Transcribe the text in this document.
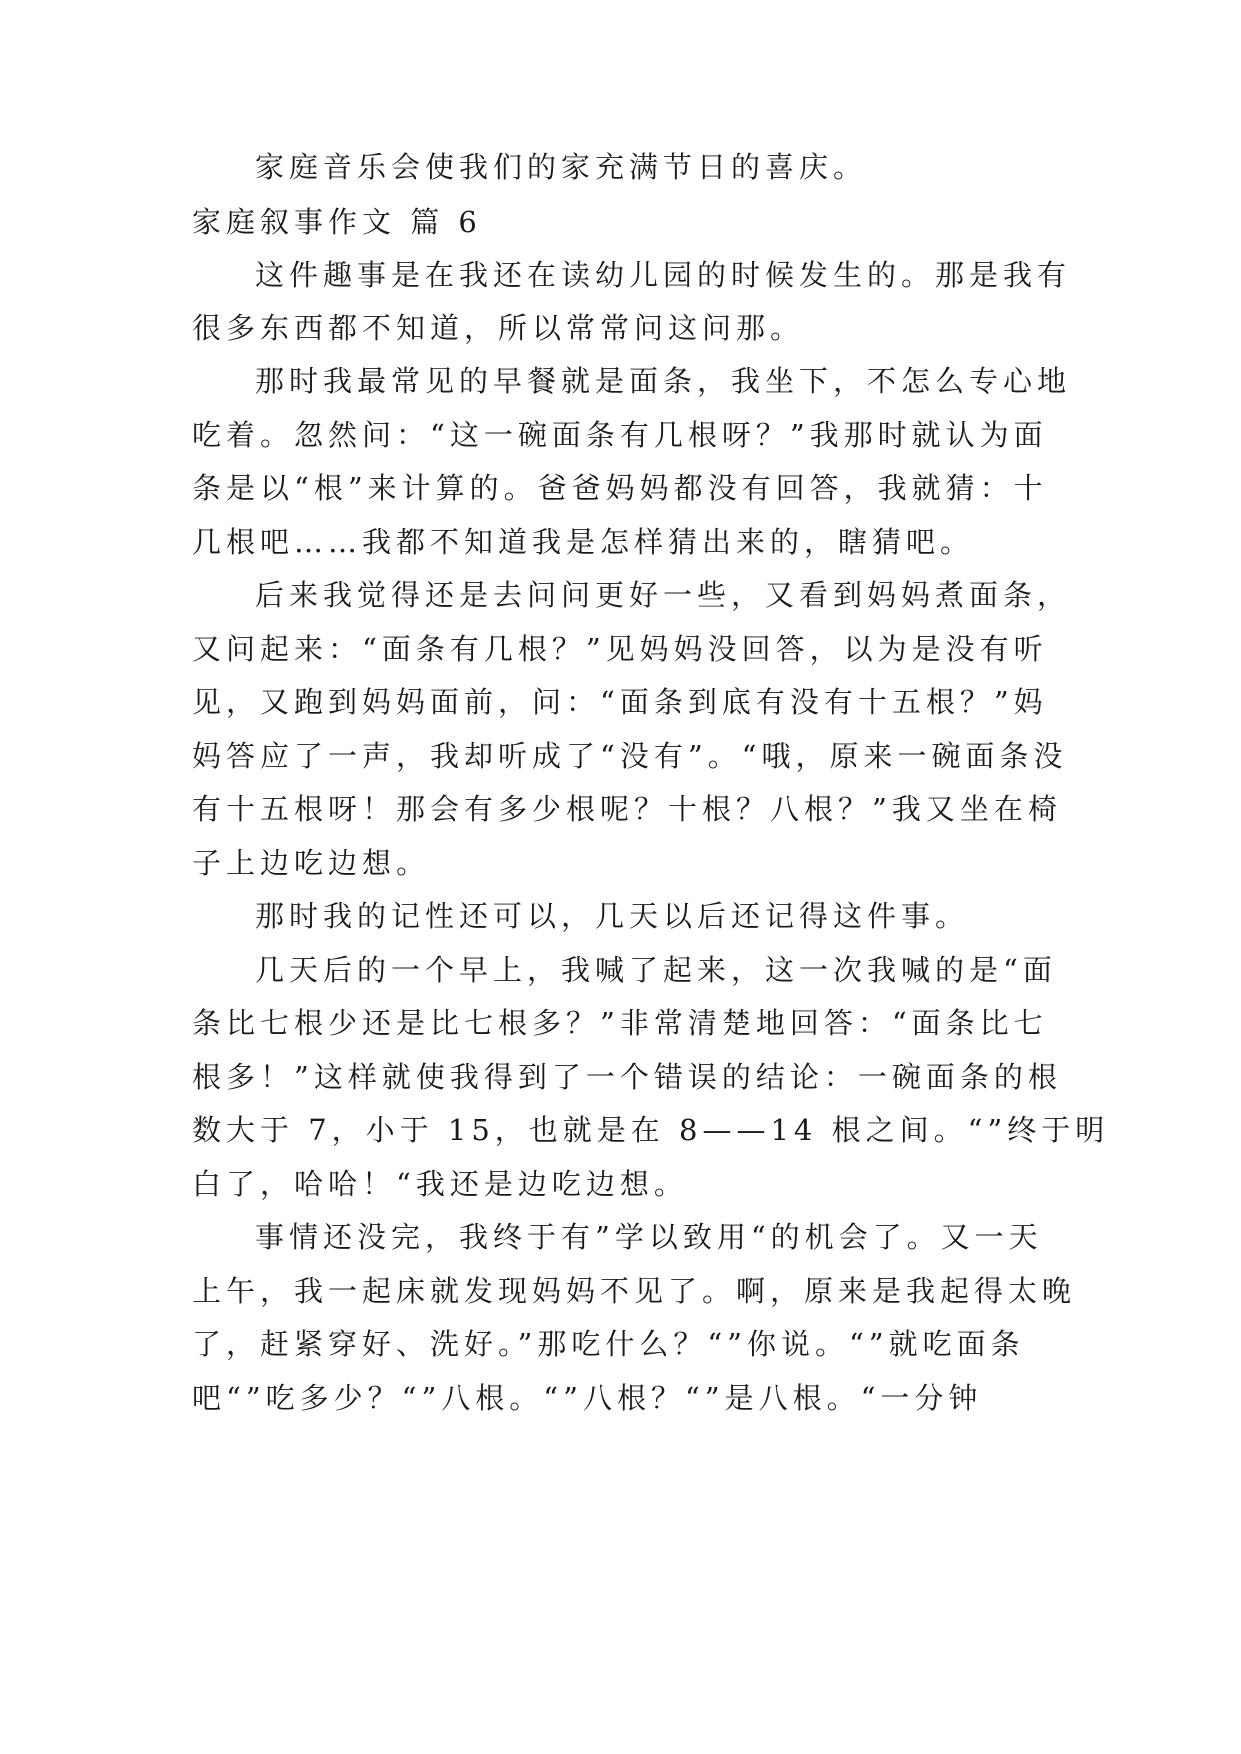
家庭音乐会使我们的家充满节日的喜庆。
家庭叙事作文 篇 6
这件趣事是在我还在读幼儿园的时候发生的。那是我有
很多东西都不知道，所以常常问这问那。
那时我最常见的早餐就是面条，我坐下，不怎么专心地
吃着。忽然问：“这一碗面条有几根呀？”我那时就认为面
条是以“根”来计算的。爸爸妈妈都没有回答，我就猜：十
几根吧……我都不知道我是怎样猜出来的，瞎猜吧。
后来我觉得还是去问问更好一些，又看到妈妈煮面条，
又问起来：“面条有几根？”见妈妈没回答，以为是没有听
见，又跑到妈妈面前，问：“面条到底有没有十五根？”妈
妈答应了一声，我却听成了“没有”。“哦，原来一碗面条没
有十五根呀！那会有多少根呢？十根？八根？”我又坐在椅
子上边吃边想。
那时我的记性还可以，几天以后还记得这件事。
几天后的一个早上，我喊了起来，这一次我喊的是“面
条比七根少还是比七根多？”非常清楚地回答：“面条比七
根多！”这样就使我得到了一个错误的结论：一碗面条的根
数大于 7，小于 15，也就是在 8——14 根之间。“”终于明
白了，哈哈！“我还是边吃边想。
事情还没完，我终于有”学以致用“的机会了。又一天
上午，我一起床就发现妈妈不见了。啊，原来是我起得太晚
了，赶紧穿好、洗好。”那吃什么？“”你说。“”就吃面条
吧“”吃多少？“”八根。“”八根？“”是八根。“一分钟
